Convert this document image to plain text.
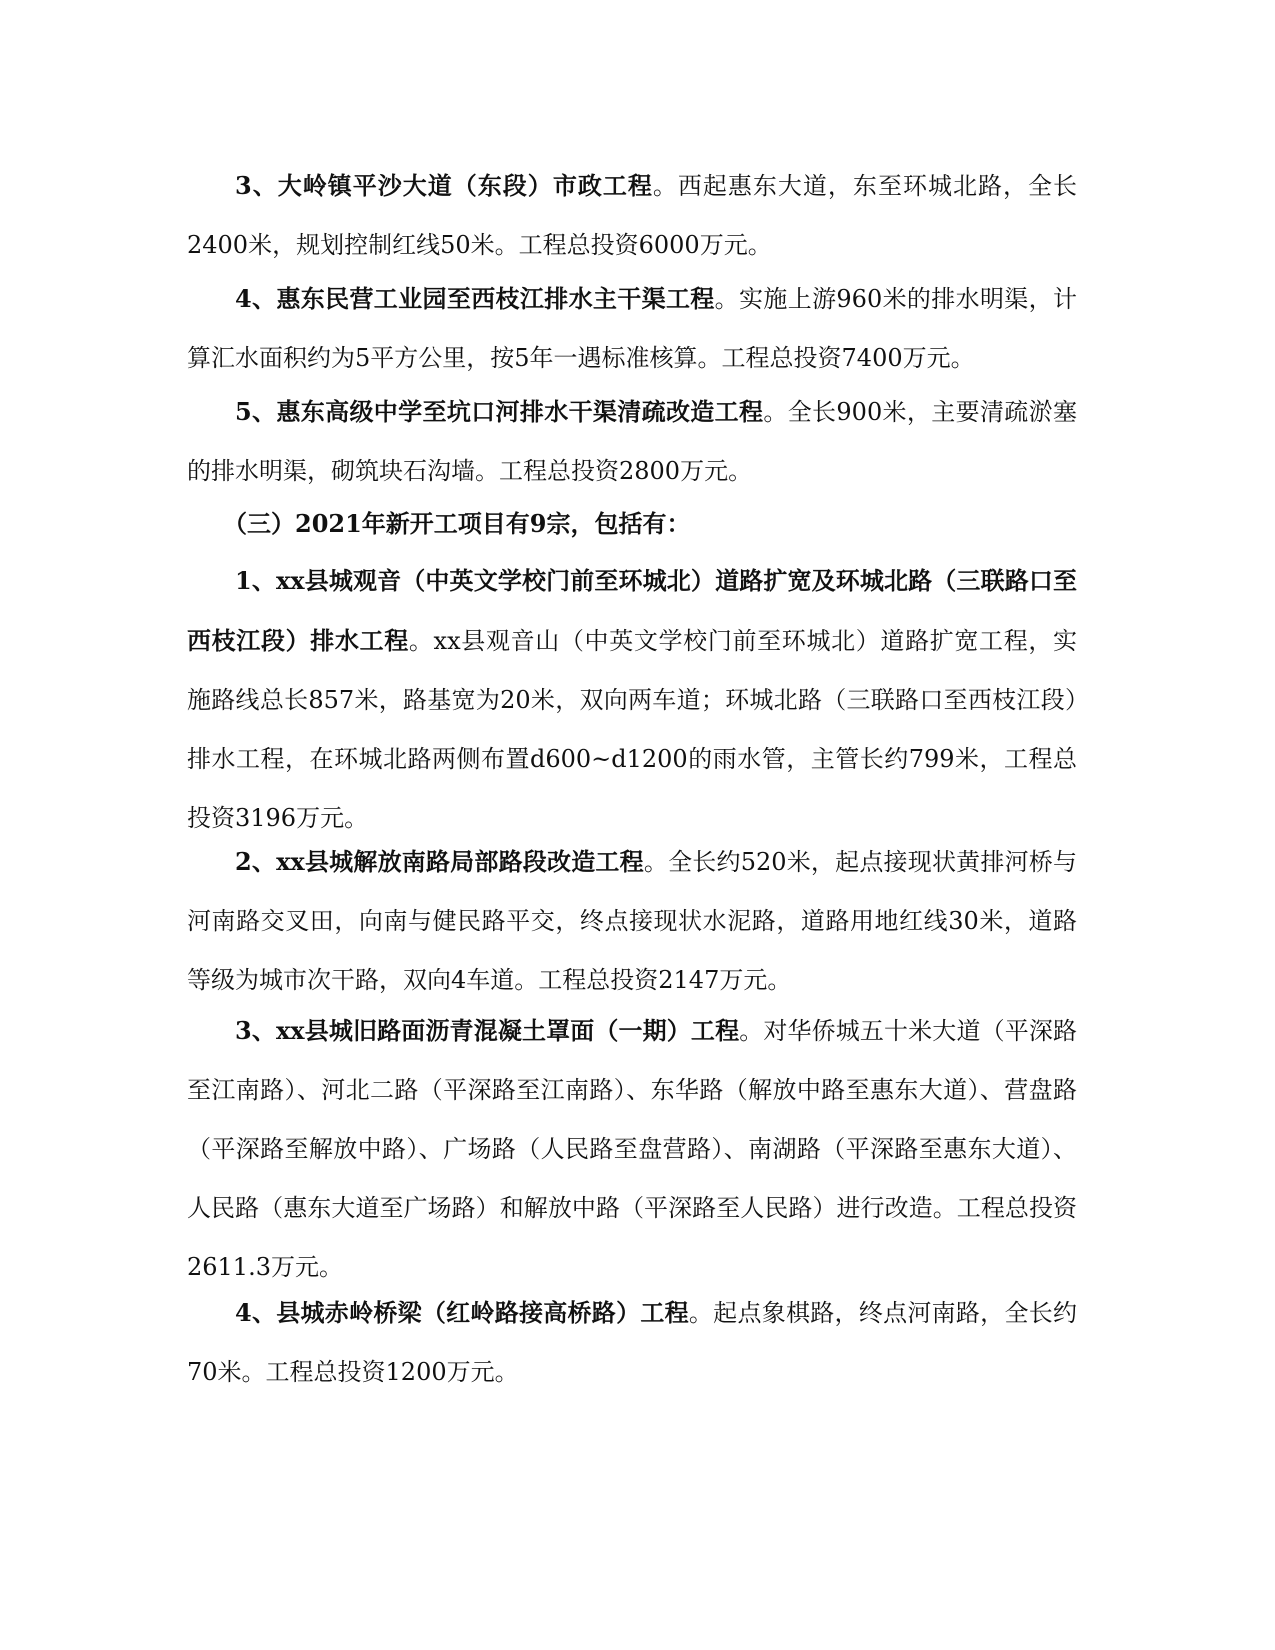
3、大岭镇平沙大道（东段）市政工程。西起惠东大道，东至环城北路，全长2400米，规划控制红线50米。工程总投资6000万元。

4、惠东民营工业园至西枝江排水主干渠工程。实施上游960米的排水明渠，计算汇水面积约为5平方公里，按5年一遇标准核算。工程总投资7400万元。

5、惠东高级中学至坑口河排水干渠清疏改造工程。全长900米，主要清疏淤塞的排水明渠，砌筑块石沟墙。工程总投资2800万元。

（三）2021年新开工项目有9宗，包括有：

1、xx县城观音（中英文学校门前至环城北）道路扩宽及环城北路（三联路口至西枝江段）排水工程。xx县观音山（中英文学校门前至环城北）道路扩宽工程，实施路线总长857米，路基宽为20米，双向两车道；环城北路（三联路口至西枝江段）排水工程，在环城北路两侧布置d600~d1200的雨水管，主管长约799米，工程总投资3196万元。

2、xx县城解放南路局部路段改造工程。全长约520米，起点接现状黄排河桥与河南路交叉田，向南与健民路平交，终点接现状水泥路，道路用地红线30米，道路等级为城市次干路，双向4车道。工程总投资2147万元。

3、xx县城旧路面沥青混凝土罩面（一期）工程。对华侨城五十米大道（平深路至江南路）、河北二路（平深路至江南路）、东华路（解放中路至惠东大道）、营盘路（平深路至解放中路）、广场路（人民路至盘营路）、南湖路（平深路至惠东大道）、人民路（惠东大道至广场路）和解放中路（平深路至人民路）进行改造。工程总投资2611.3万元。

4、县城赤岭桥梁（红岭路接高桥路）工程。起点象棋路，终点河南路，全长约70米。工程总投资1200万元。
